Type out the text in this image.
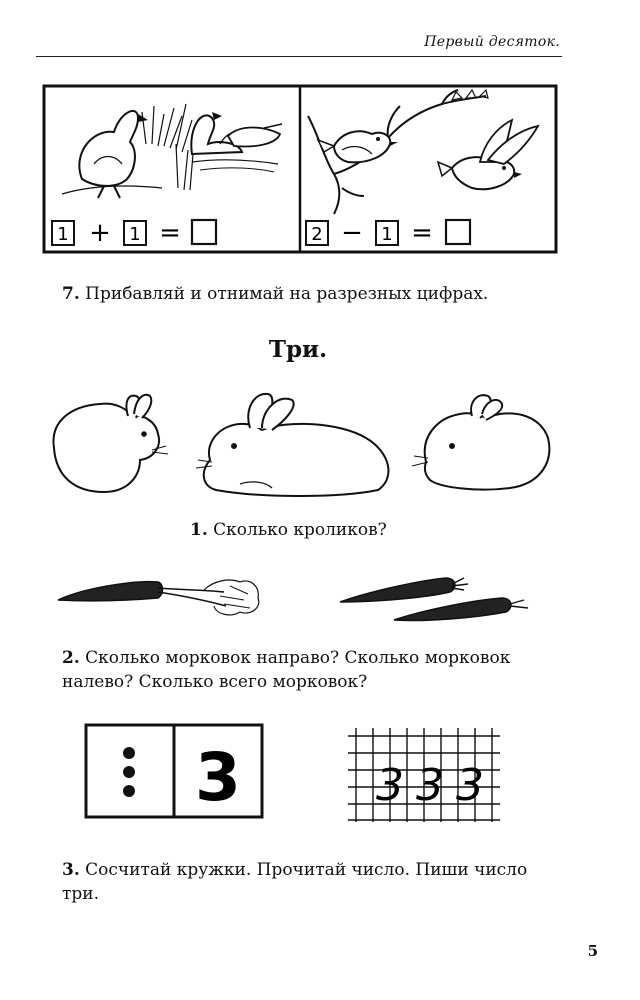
Первый десяток.
1 + 1 =	2 − 1 =
7. Прибавляй и отнимай на разрезных цифрах.
Три.
1. Сколько кроликов?
2. Сколько морковок направо? Сколько морковок
налево? Сколько всего морковок?
3	3 3 3
3. Сосчитай кружки. Прочитай число. Пиши число
три.
5
